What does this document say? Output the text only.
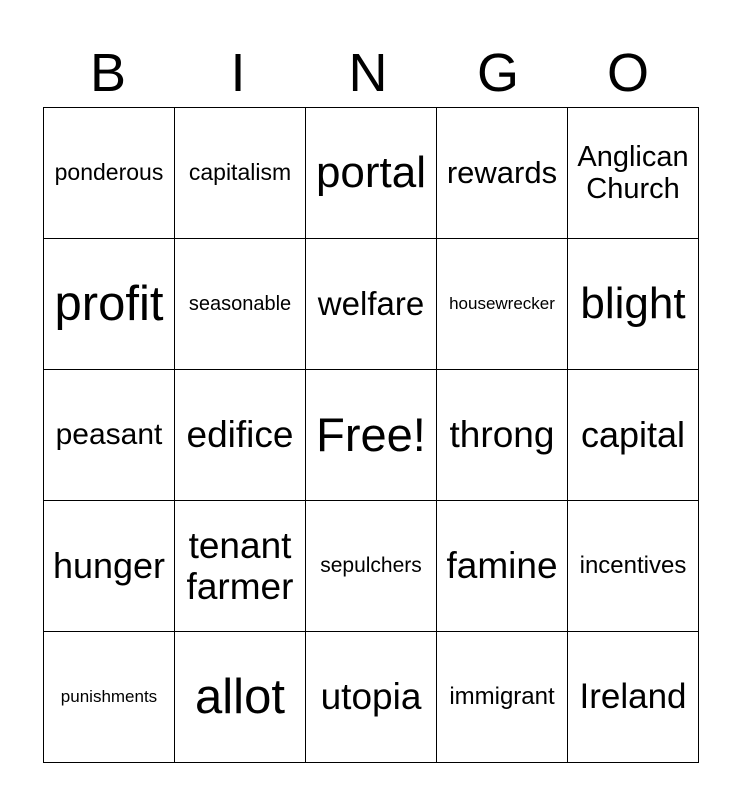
B	I	N	G	O
ponderous	capitalism	portal	rewards	Anglican Church
profit	seasonable	welfare	housewrecker	blight
peasant	edifice	Free!	throng	capital
hunger	tenant farmer	sepulchers	famine	incentives
punishments	allot	utopia	immigrant	Ireland
